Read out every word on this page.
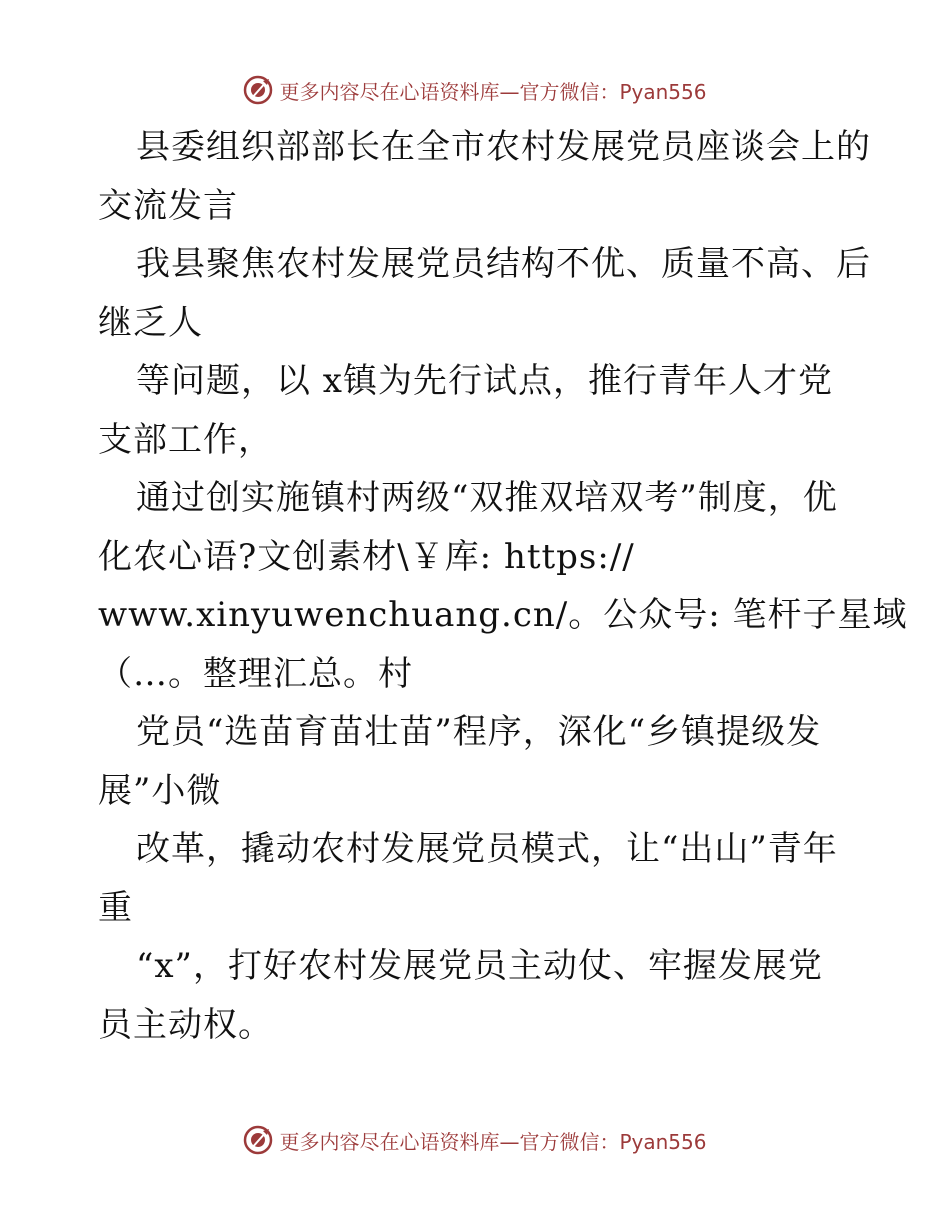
更多内容尽在心语资料库—官方微信：Pyan556
县委组织部部长在全市农村发展党员座谈会上的
交流发言
我县聚焦农村发展党员结构不优、质量不高、后
继乏人
等问题，以 x镇为先行试点，推行青年人才党
支部工作，
通过创实施镇村两级“双推双培双考”制度，优
化农心语?文创素材\￥库: https://
www.xinyuwenchuang.cn/。公众号: 笔杆子星域
（…。整理汇总。村
党员“选苗育苗壮苗”程序，深化“乡镇提级发
展”小微
改革，撬动农村发展党员模式，让“出山”青年
重
“x”，打好农村发展党员主动仗、牢握发展党
员主动权。
更多内容尽在心语资料库—官方微信：Pyan556
